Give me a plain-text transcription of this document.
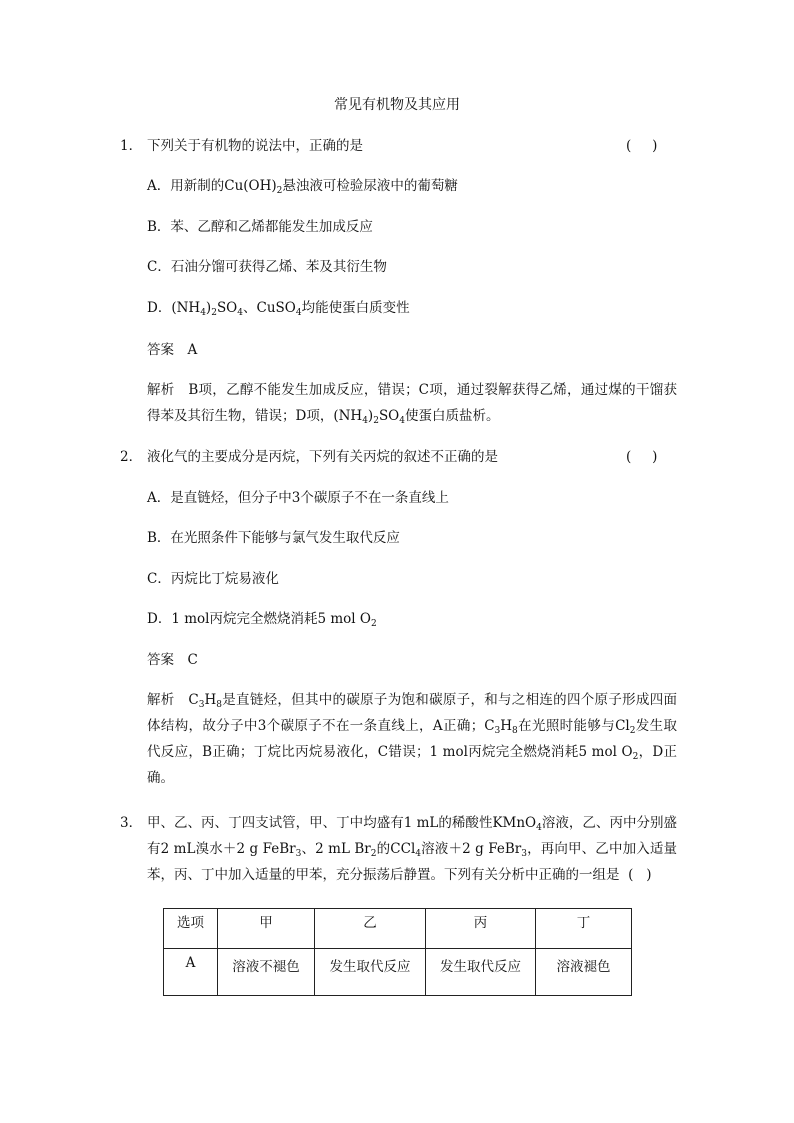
常见有机物及其应用
1． 下列关于有机物的说法中，正确的是	(   )
A．用新制的$Cu(OH)_2$悬浊液可检验尿液中的葡萄糖
B．苯、乙醇和乙烯都能发生加成反应
C．石油分馏可获得乙烯、苯及其衍生物
D．$(NH_4)_2SO_4$、CuSO$_4$均能使蛋白质变性
答案　A
解析　B项，乙醇不能发生加成反应，错误；C项，通过裂解获得乙烯，通过煤的干馏获得苯及其衍生物，错误；D项，$(NH_4)_2SO_4$使蛋白质盐析。
2． 液化气的主要成分是丙烷，下列有关丙烷的叙述不正确的是	(   )
A．是直链烃，但分子中3个碳原子不在一条直线上
B．在光照条件下能够与氯气发生取代反应
C．丙烷比丁烷易液化
D．1 mol丙烷完全燃烧消耗5 mol $O_2$
答案　C
解析　$C_3H_8$是直链烃，但其中的碳原子为饱和碳原子，和与之相连的四个原子形成四面体结构，故分子中3个碳原子不在一条直线上，A正确；$C_3H_8$在光照时能够与$Cl_2$发生取代反应，B正确；丁烷比丙烷易液化，C错误；1 mol丙烷完全燃烧消耗5 mol $O_2$，D正确。
3． 甲、乙、丙、丁四支试管，甲、丁中均盛有1 mL的稀酸性KMnO$_4$溶液，乙、丙中分别盛有2 mL溴水＋2 g FeBr$_3$、2 mL $Br_2$的CCl$_4$溶液＋2 g FeBr$_3$，再向甲、乙中加入适量苯，丙、丁中加入适量的甲苯，充分振荡后静置。下列有关分析中正确的一组是 (   )
选项	甲	乙	丙	丁
A	溶液不褪色	发生取代反应	发生取代反应	溶液褪色
